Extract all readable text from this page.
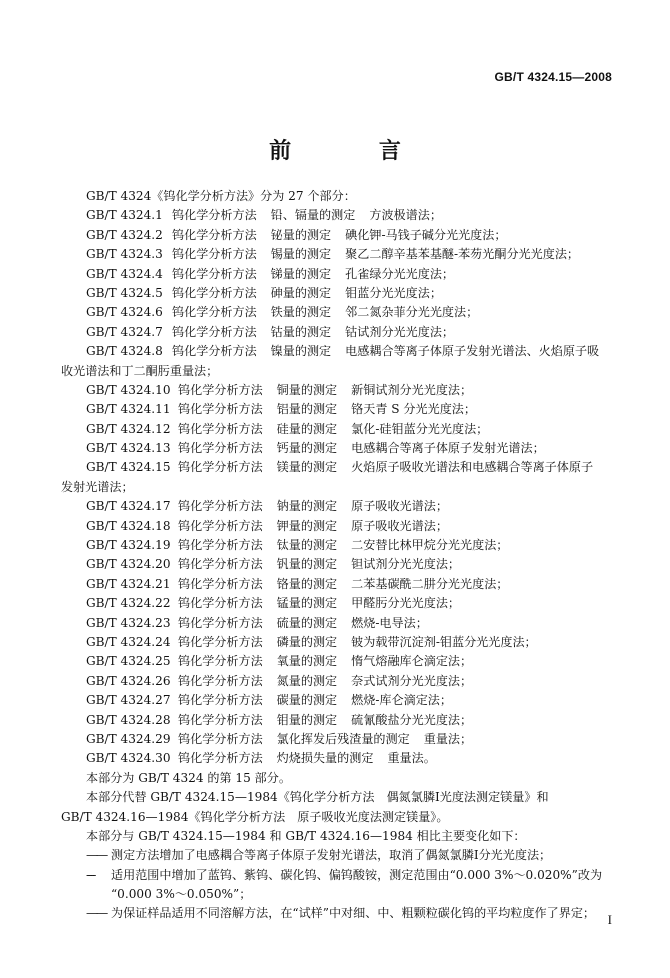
GB/T 4324.15—2008
前 言
GB/T 4324《钨化学分析方法》分为 27 个部分：
GB/T 4324.1 钨化学分析方法 铅、镉量的测定 方波极谱法；
GB/T 4324.2 钨化学分析方法 铋量的测定 碘化钾-马钱子碱分光光度法；
GB/T 4324.3 钨化学分析方法 锡量的测定 聚乙二醇辛基苯基醚-苯芴光酮分光光度法；
GB/T 4324.4 钨化学分析方法 锑量的测定 孔雀绿分光光度法；
GB/T 4324.5 钨化学分析方法 砷量的测定 钼蓝分光光度法；
GB/T 4324.6 钨化学分析方法 铁量的测定 邻二氮杂菲分光光度法；
GB/T 4324.7 钨化学分析方法 钴量的测定 钴试剂分光光度法；
GB/T 4324.8 钨化学分析方法 镍量的测定 电感耦合等离子体原子发射光谱法、火焰原子吸
收光谱法和丁二酮肟重量法；
GB/T 4324.10 钨化学分析方法 铜量的测定 新铜试剂分光光度法；
GB/T 4324.11 钨化学分析方法 铝量的测定 铬天青 S 分光光度法；
GB/T 4324.12 钨化学分析方法 硅量的测定 氯化-硅钼蓝分光光度法；
GB/T 4324.13 钨化学分析方法 钙量的测定 电感耦合等离子体原子发射光谱法；
GB/T 4324.15 钨化学分析方法 镁量的测定 火焰原子吸收光谱法和电感耦合等离子体原子
发射光谱法；
GB/T 4324.17 钨化学分析方法 钠量的测定 原子吸收光谱法；
GB/T 4324.18 钨化学分析方法 钾量的测定 原子吸收光谱法；
GB/T 4324.19 钨化学分析方法 钛量的测定 二安替比林甲烷分光光度法；
GB/T 4324.20 钨化学分析方法 钒量的测定 钽试剂分光光度法；
GB/T 4324.21 钨化学分析方法 铬量的测定 二苯基碳酰二肼分光光度法；
GB/T 4324.22 钨化学分析方法 锰量的测定 甲醛肟分光光度法；
GB/T 4324.23 钨化学分析方法 硫量的测定 燃烧-电导法；
GB/T 4324.24 钨化学分析方法 磷量的测定 铍为载带沉淀剂-钼蓝分光光度法；
GB/T 4324.25 钨化学分析方法 氧量的测定 惰气熔融库仑滴定法；
GB/T 4324.26 钨化学分析方法 氮量的测定 奈式试剂分光光度法；
GB/T 4324.27 钨化学分析方法 碳量的测定 燃烧-库仑滴定法；
GB/T 4324.28 钨化学分析方法 钼量的测定 硫氰酸盐分光光度法；
GB/T 4324.29 钨化学分析方法 氯化挥发后残渣量的测定 重量法；
GB/T 4324.30 钨化学分析方法 灼烧损失量的测定 重量法。
本部分为 GB/T 4324 的第 15 部分。
本部分代替 GB/T 4324.15—1984《钨化学分析方法　偶氮氯膦Ⅰ光度法测定镁量》和
GB/T 4324.16—1984《钨化学分析方法　原子吸收光度法测定镁量》。
本部分与 GB/T 4324.15—1984 和 GB/T 4324.16—1984 相比主要变化如下：
—— 测定方法增加了电感耦合等离子体原子发射光谱法，取消了偶氮氯膦Ⅰ分光光度法；
---- 适用范围中增加了蓝钨、紫钨、碳化钨、偏钨酸铵，测定范围由“0.000 3%～0.020%”改为
“0.000 3%～0.050%”；
—— 为保证样品适用不同溶解方法，在“试样”中对细、中、粗颗粒碳化钨的平均粒度作了界定； I
